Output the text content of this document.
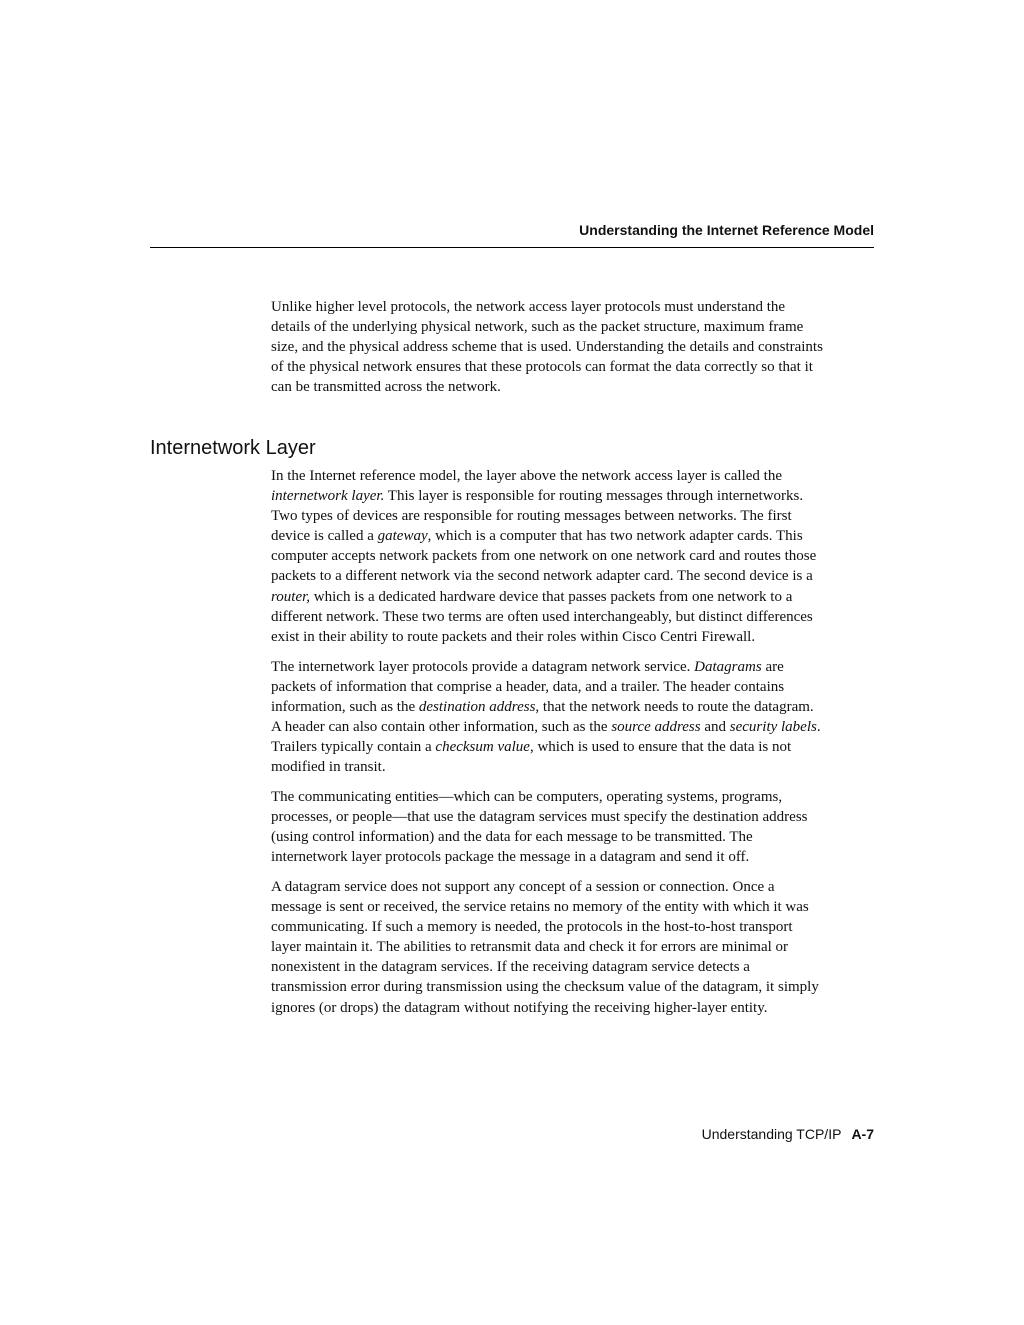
Understanding the Internet Reference Model
Unlike higher level protocols, the network access layer protocols must understand the
details of the underlying physical network, such as the packet structure, maximum frame
size, and the physical address scheme that is used. Understanding the details and constraints
of the physical network ensures that these protocols can format the data correctly so that it
can be transmitted across the network.
Internetwork Layer
In the Internet reference model, the layer above the network access layer is called the
internetwork layer. This layer is responsible for routing messages through internetworks.
Two types of devices are responsible for routing messages between networks. The first
device is called a gateway, which is a computer that has two network adapter cards. This
computer accepts network packets from one network on one network card and routes those
packets to a different network via the second network adapter card. The second device is a
router, which is a dedicated hardware device that passes packets from one network to a
different network. These two terms are often used interchangeably, but distinct differences
exist in their ability to route packets and their roles within Cisco Centri Firewall.
The internetwork layer protocols provide a datagram network service. Datagrams are
packets of information that comprise a header, data, and a trailer. The header contains
information, such as the destination address, that the network needs to route the datagram.
A header can also contain other information, such as the source address and security labels.
Trailers typically contain a checksum value, which is used to ensure that the data is not
modified in transit.
The communicating entities—which can be computers, operating systems, programs,
processes, or people—that use the datagram services must specify the destination address
(using control information) and the data for each message to be transmitted. The
internetwork layer protocols package the message in a datagram and send it off.
A datagram service does not support any concept of a session or connection. Once a
message is sent or received, the service retains no memory of the entity with which it was
communicating. If such a memory is needed, the protocols in the host-to-host transport
layer maintain it. The abilities to retransmit data and check it for errors are minimal or
nonexistent in the datagram services. If the receiving datagram service detects a
transmission error during transmission using the checksum value of the datagram, it simply
ignores (or drops) the datagram without notifying the receiving higher-layer entity.
Understanding TCP/IP A-7
